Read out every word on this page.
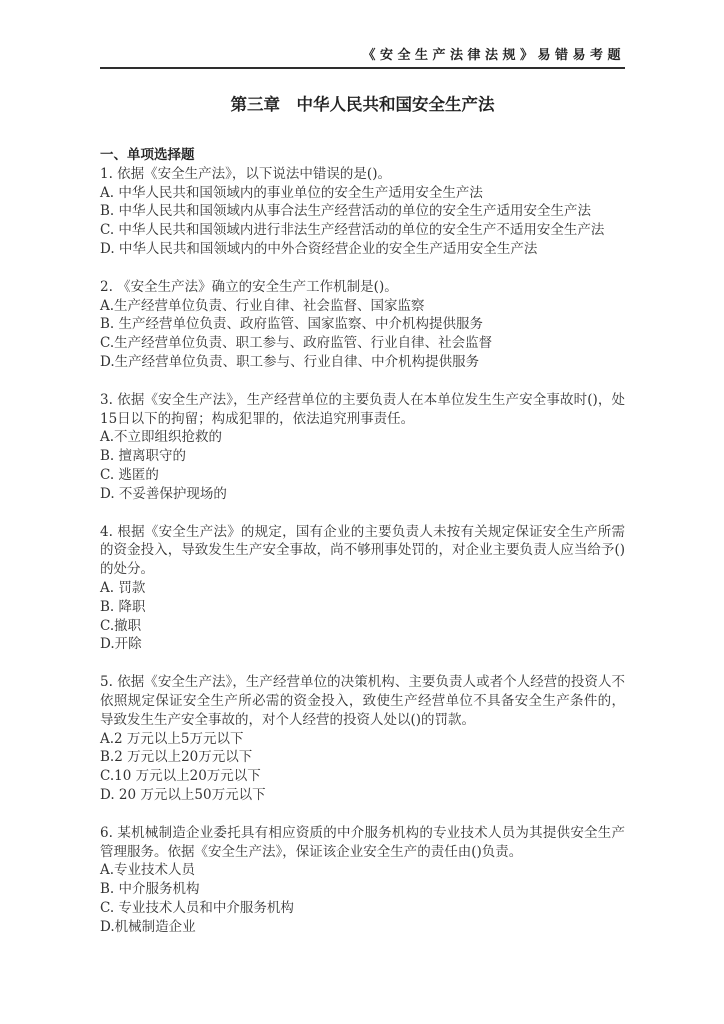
《安全生产法律法规》易错易考题
第三章　中华人民共和国安全生产法
一、单项选择题
1. 依据《安全生产法》，以下说法中错误的是()。
A. 中华人民共和国领域内的事业单位的安全生产适用安全生产法
B. 中华人民共和国领域内从事合法生产经营活动的单位的安全生产适用安全生产法
C. 中华人民共和国领域内进行非法生产经营活动的单位的安全生产不适用安全生产法
D. 中华人民共和国领域内的中外合资经营企业的安全生产适用安全生产法
2. 《安全生产法》确立的安全生产工作机制是()。
A.生产经营单位负责、行业自律、社会监督、国家监察
B. 生产经营单位负责、政府监管、国家监察、中介机构提供服务
C.生产经营单位负责、职工参与、政府监管、行业自律、社会监督
D.生产经营单位负责、职工参与、行业自律、中介机构提供服务
3. 依据《安全生产法》，生产经营单位的主要负责人在本单位发生生产安全事故时()，处15日以下的拘留；构成犯罪的，依法追究刑事责任。
A.不立即组织抢救的
B. 擅离职守的
C. 逃匿的
D. 不妥善保护现场的
4. 根据《安全生产法》的规定，国有企业的主要负责人未按有关规定保证安全生产所需的资金投入，导致发生生产安全事故，尚不够刑事处罚的，对企业主要负责人应当给予()的处分。
A. 罚款
B. 降职
C.撤职
D.开除
5. 依据《安全生产法》，生产经营单位的决策机构、主要负责人或者个人经营的投资人不依照规定保证安全生产所必需的资金投入，致使生产经营单位不具备安全生产条件的，导致发生生产安全事故的，对个人经营的投资人处以()的罚款。
A.2 万元以上5万元以下
B.2 万元以上20万元以下
C.10 万元以上20万元以下
D. 20 万元以上50万元以下
6. 某机械制造企业委托具有相应资质的中介服务机构的专业技术人员为其提供安全生产管理服务。依据《安全生产法》，保证该企业安全生产的责任由()负责。
A.专业技术人员
B. 中介服务机构
C. 专业技术人员和中介服务机构
D.机械制造企业
